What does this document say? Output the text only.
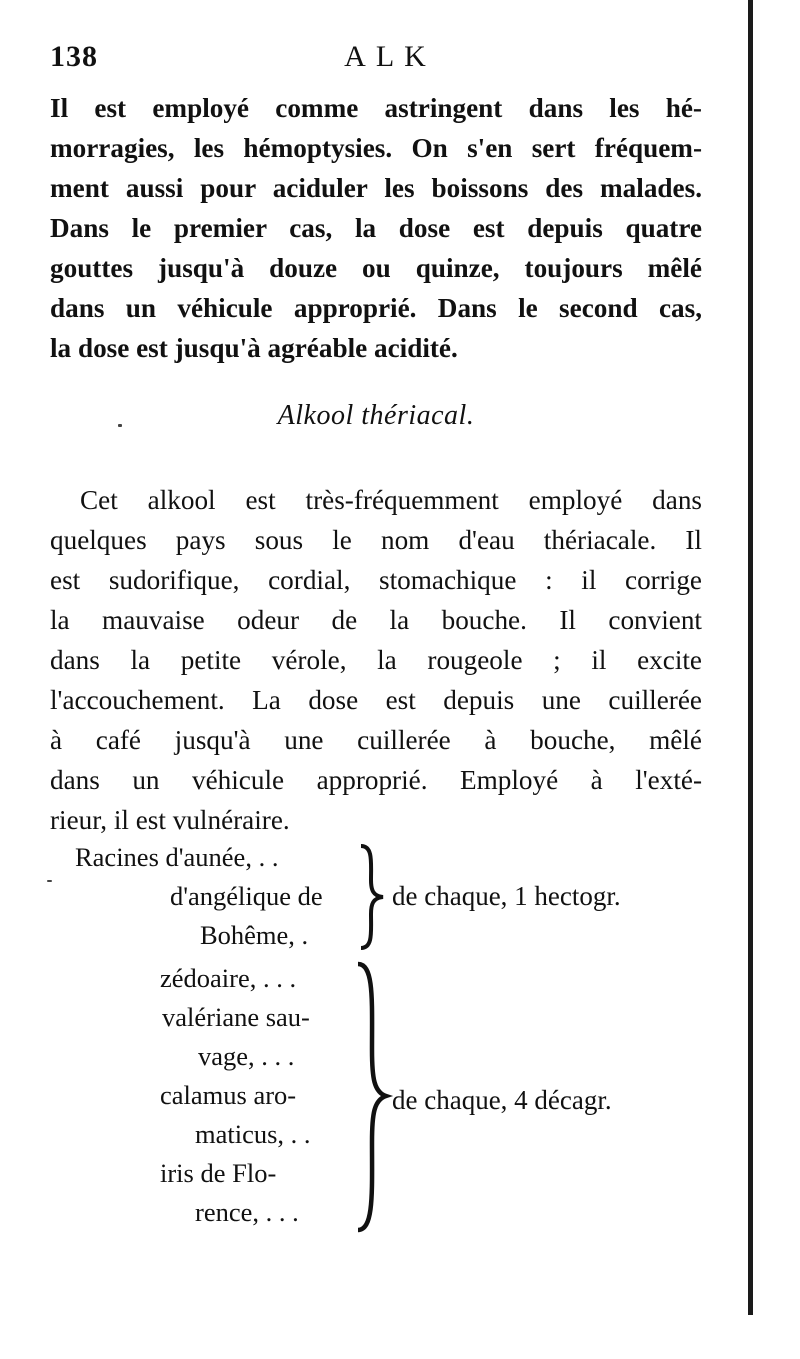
138	ALK
Il est employé comme astringent dans les hé-
morragies, les hémoptysies. On s'en sert fréquem-
ment aussi pour aciduler les boissons des malades.
Dans le premier cas, la dose est depuis quatre
gouttes jusqu'à douze ou quinze, toujours mêlé
dans un véhicule approprié. Dans le second cas,
la dose est jusqu'à agréable acidité.
Alkool thériacal.
Cet alkool est très-fréquemment employé dans
quelques pays sous le nom d'eau thériacale. Il
est sudorifique, cordial, stomachique : il corrige
la mauvaise odeur de la bouche. Il convient
dans la petite vérole, la rougeole ; il excite
l'accouchement. La dose est depuis une cuillerée
à café jusqu'à une cuillerée à bouche, mêlé
dans un véhicule approprié. Employé à l'exté-
rieur, il est vulnéraire.
Racines d'aunée, . .
d'angélique de
Bohême, .
de chaque, 1 hectogr.
zédoaire, . . .
valériane sau-
vage, . . .
calamus aro-
maticus, . .
iris de Flo-
rence, . . .
de chaque, 4 décagr.
